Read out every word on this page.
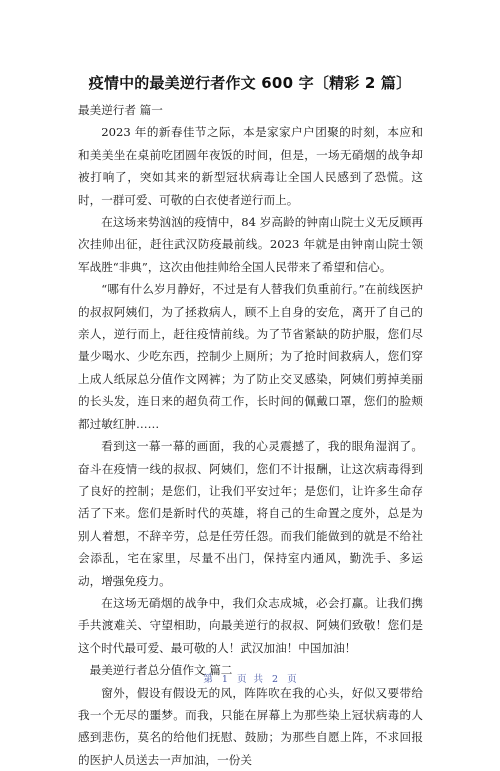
疫情中的最美逆行者作文 600 字〔精彩 2 篇〕

最美逆行者 篇一

2023 年的新春佳节之际，本是家家户户团聚的时刻，本应和和美美坐在桌前吃团圆年夜饭的时间，但是，一场无硝烟的战争却被打响了，突如其来的新型冠状病毒让全国人民感到了恐慌。这时，一群可爱、可敬的白衣使者逆行而上。

在这场来势汹汹的疫情中，84 岁高龄的钟南山院士义无反顾再次挂帅出征，赶往武汉防疫最前线。2023 年就是由钟南山院士领军战胜“非典”，这次由他挂帅给全国人民带来了希望和信心。

“哪有什么岁月静好，不过是有人替我们负重前行。”在前线医护的叔叔阿姨们，为了拯救病人，顾不上自身的安危，离开了自己的亲人，逆行而上，赶往疫情前线。为了节省紧缺的防护服，您们尽量少喝水、少吃东西，控制少上厕所；为了抢时间救病人，您们穿上成人纸尿总分值作文网裤；为了防止交叉感染，阿姨们剪掉美丽的长头发，连日来的超负荷工作，长时间的佩戴口罩，您们的脸颊都过敏红肿……

看到这一幕一幕的画面，我的心灵震撼了，我的眼角湿润了。奋斗在疫情一线的叔叔、阿姨们，您们不计报酬，让这次病毒得到了良好的控制；是您们，让我们平安过年；是您们，让许多生命存活了下来。您们是新时代的英雄，将自己的生命置之度外，总是为别人着想，不辞辛劳，总是任劳任怨。而我们能做到的就是不给社会添乱，宅在家里，尽量不出门，保持室内通风，勤洗手、多运动，增强免疫力。

在这场无硝烟的战争中，我们众志成城，必会打赢。让我们携手共渡难关、守望相助，向最美逆行的叔叔、阿姨们致敬！您们是这个时代最可爱、最可敬的人！武汉加油！中国加油！

最美逆行者总分值作文 篇二

窗外，假设有假设无的风，阵阵吹在我的心头，好似又要带给我一个无尽的噩梦。而我，只能在屏幕上为那些染上冠状病毒的人感到悲伤，莫名的给他们抚慰、鼓励；为那些自愿上阵，不求回报的医护人员送去一声加油，一份关

第 1 页 共 2 页
